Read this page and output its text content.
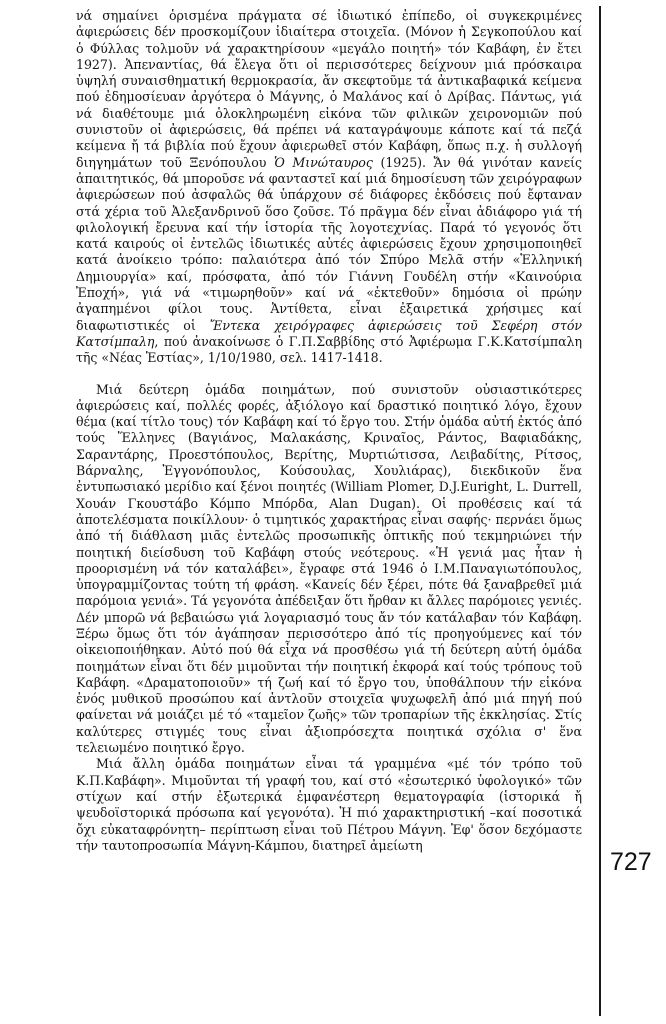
νά σημαίνει ὁρισμένα πράγματα σέ ἰδιωτικό ἐπίπεδο, οἱ συγκεκριμένες ἀφιερώσεις δέν προσκομίζουν ἰδιαίτερα στοιχεῖα. (Μόνον ἡ Σεγκοπούλου καί ὁ Φύλλας τολμοῦν νά χαρακτηρίσουν «μεγάλο ποιητή» τόν Καβάφη, ἐν ἔτει 1927). Ἀπεναντίας, θά ἔλεγα ὅτι οἱ περισσότερες δείχνουν μιά πρόσκαιρα ὑψηλή συναισθηματική θερμοκρασία, ἄν σκεφτοῦμε τά ἀντικαβαφικά κείμενα πού ἐδημοσίευαν ἀργότερα ὁ Μάγνης, ὁ Μαλάνος καί ὁ Δρίβας. Πάντως, γιά νά διαθέτουμε μιά ὁλοκληρωμένη εἰκόνα τῶν φιλικῶν χειρονομιῶν πού συνιστοῦν οἱ ἀφιερώσεις, θά πρέπει νά καταγράψουμε κάποτε καί τά πεζά κείμενα ἤ τά βιβλία πού ἔχουν ἀφιερωθεῖ στόν Καβάφη, ὅπως π.χ. ἡ συλλογή διηγημάτων τοῦ Ξενόπουλου Ὁ Μινώταυρος (1925). Ἄν θά γινόταν κανείς ἀπαιτητικός, θά μποροῦσε νά φανταστεῖ καί μιά δημοσίευση τῶν χειρόγραφων ἀφιερώσεων πού ἀσφαλῶς θά ὑπάρχουν σέ διάφορες ἐκδόσεις πού ἔφταναν στά χέρια τοῦ Ἀλεξανδρινοῦ ὅσο ζοῦσε. Τό πρᾶγμα δέν εἶναι ἀδιάφορο γιά τή φιλολογική ἔρευνα καί τήν ἱστορία τῆς λογοτεχνίας. Παρά τό γεγονός ὅτι κατά καιρούς οἱ ἐντελῶς ἰδιωτικές αὐτές ἀφιερώσεις ἔχουν χρησιμοποιηθεῖ κατά ἀνοίκειο τρόπο: παλαιότερα ἀπό τόν Σπύρο Μελᾶ στήν «Ἑλληνική Δημιουργία» καί, πρόσφατα, ἀπό τόν Γιάννη Γουδέλη στήν «Καινούρια Ἐποχή», γιά νά «τιμωρηθοῦν» καί νά «ἐκτεθοῦν» δημόσια οἱ πρώην ἀγαπημένοι φίλοι τους. Ἀντίθετα, εἶναι ἐξαιρετικά χρήσιμες καί διαφωτιστικές οἱ Ἔντεκα χειρόγραφες ἀφιερώσεις τοῦ Σεφέρη στόν Κατσίμπαλη, πού ἀνακοίνωσε ὁ Γ.Π.Σαββίδης στό Ἀφιέρωμα Γ.Κ.Κατσίμπαλη τῆς «Νέας Ἑστίας», 1/10/1980, σελ. 1417-1418.

Μιά δεύτερη ὁμάδα ποιημάτων, πού συνιστοῦν οὐσιαστικότερες ἀφιερώσεις καί, πολλές φορές, ἀξιόλογο καί δραστικό ποιητικό λόγο, ἔχουν θέμα (καί τίτλο τους) τόν Καβάφη καί τό ἔργο του. Στήν ὁμάδα αὐτή ἐκτός ἀπό τούς Ἕλληνες (Βαγιάνος, Μαλακάσης, Κριναῖος, Ράντος, Βαφιαδάκης, Σαραντάρης, Προεστόπουλος, Βερίτης, Μυρτιώτισσα, Λειβαδίτης, Ρίτσος, Βάρναλης, Ἐγγονόπουλος, Κούσουλας, Χουλιάρας), διεκδικοῦν ἕνα ἐντυπωσιακό μερίδιο καί ξένοι ποιητές (William Plomer, D.J.Eurigh​t, L. Durrell, Χουάν Γκουστάβο Κόμπο Μπόρδα, Alan Dugan). Οἱ προθέσεις καί τά ἀποτελέσματα ποικίλλουν· ὁ τιμητικός χαρακτήρας εἶναι σαφής· περνάει ὅμως ἀπό τή διάθλαση μιᾶς ἐντελῶς προσωπικῆς ὀπτικῆς πού τεκμηριώνει τήν ποιητική διείσδυση τοῦ Καβάφη στούς νεότερους. «Ἡ γενιά μας ἦταν ἡ προορισμένη νά τόν καταλάβει», ἔγραφε στά 1946 ὁ Ι.Μ.Παναγιωτόπουλος, ὑπογραμμίζοντας τούτη τή φράση. «Κανείς δέν ξέρει, πότε θά ξαναβρεθεῖ μιά παρόμοια γενιά». Τά γεγονότα ἀπέδειξαν ὅτι ἤρθαν κι ἄλλες παρόμοιες γενιές. Δέν μπορῶ νά βεβαιώσω γιά λογαριασμό τους ἄν τόν κατάλαβαν τόν Καβάφη. Ξέρω ὅμως ὅτι τόν ἀγάπησαν περισσότερο ἀπό τίς προηγούμενες καί τόν οἰκειοποιήθηκαν. Αὐτό πού θά εἶχα νά προσθέσω γιά τή δεύτερη αὐτή ὁμάδα ποιημάτων εἶναι ὅτι δέν μιμοῦνται τήν ποιητική ἐκφορά καί τούς τρόπους τοῦ Καβάφη. «Δραματοποιοῦν» τή ζωή καί τό ἔργο του, ὑποθάλπουν τήν εἰκόνα ἑνός μυθικοῦ προσώπου καί ἀντλοῦν στοιχεῖα ψυχωφελῆ ἀπό μιά πηγή πού φαίνεται νά μοιάζει μέ τό «ταμεῖον ζωῆς» τῶν τροπαρίων τῆς ἐκκλησίας. Στίς καλύτερες στιγμές τους εἶναι ἀξιοπρόσεχτα ποιητικά σχόλια σ' ἕνα τελειωμένο ποιητικό ἔργο.

Μιά ἄλλη ὁμάδα ποιημάτων εἶναι τά γραμμένα «μέ τόν τρόπο τοῦ Κ.Π.Καβάφη». Μιμοῦνται τή γραφή του, καί στό «ἐσωτερικό ὑφολογικό» τῶν στίχων καί στήν ἐξωτερικά ἐμφανέστερη θεματογραφία (ἱστορικά ἤ ψευδοϊστορικά πρόσωπα καί γεγονότα). Ἡ πιό χαρακτηριστική –καί ποσοτικά ὄχι εὐκαταφρόνητη– περίπτωση εἶναι τοῦ Πέτρου Μάγνη. Ἐφ' ὅσον δεχόμαστε τήν ταυτοπροσωπία Μάγνη-Κάμπου, διατηρεῖ ἀμείωτη

727
